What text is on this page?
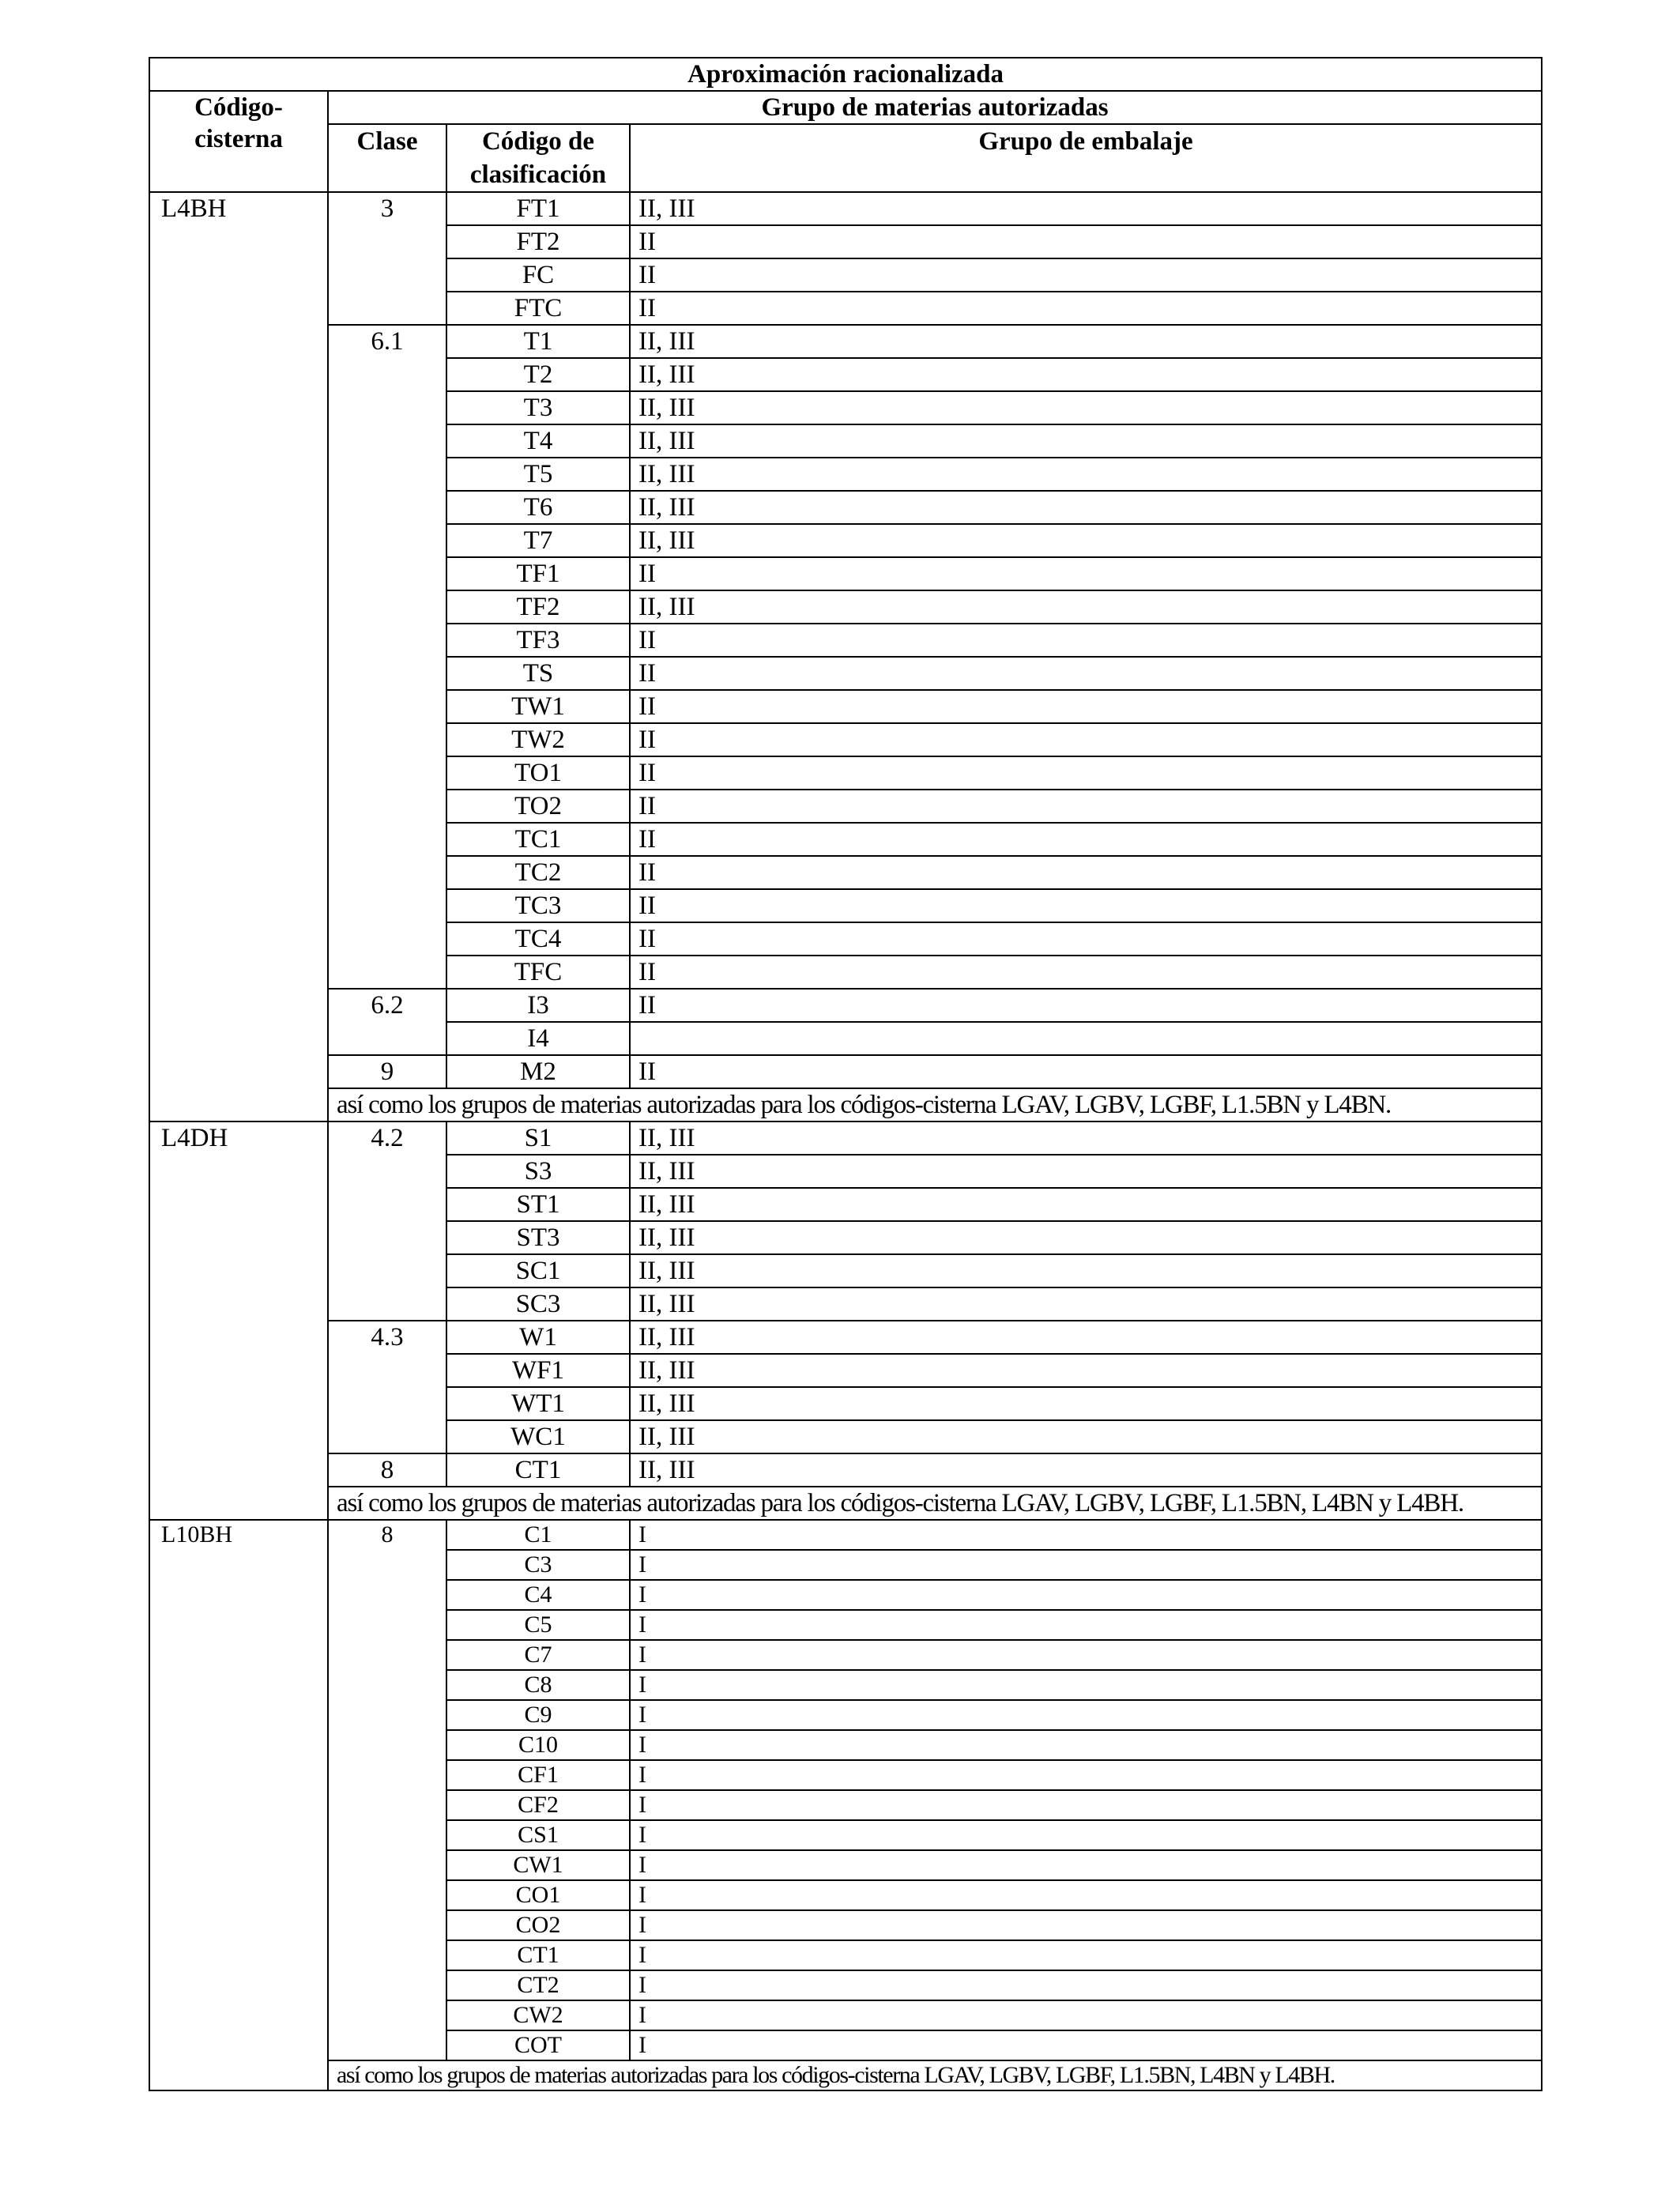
Aproximación racionalizada			
Código-cisterna	Grupo de materias autorizadas		
	Clase	Código de clasificación	Grupo de embalaje
L4BH	3	FT1	II, III
		FT2	II
		FC	II
		FTC	II
	6.1	T1	II, III
		T2	II, III
		T3	II, III
		T4	II, III
		T5	II, III
		T6	II, III
		T7	II, III
		TF1	II
		TF2	II, III
		TF3	II
		TS	II
		TW1	II
		TW2	II
		TO1	II
		TO2	II
		TC1	II
		TC2	II
		TC3	II
		TC4	II
		TFC	II
	6.2	I3	II
		I4	
	9	M2	II
	así como los grupos de materias autorizadas para los códigos-cisterna LGAV, LGBV, LGBF, L1.5BN y L4BN.		
L4DH	4.2	S1	II, III
		S3	II, III
		ST1	II, III
		ST3	II, III
		SC1	II, III
		SC3	II, III
	4.3	W1	II, III
		WF1	II, III
		WT1	II, III
		WC1	II, III
	8	CT1	II, III
	así como los grupos de materias autorizadas para los códigos-cisterna LGAV, LGBV, LGBF, L1.5BN, L4BN y L4BH.		
L10BH	8	C1	I
		C3	I
		C4	I
		C5	I
		C7	I
		C8	I
		C9	I
		C10	I
		CF1	I
		CF2	I
		CS1	I
		CW1	I
		CO1	I
		CO2	I
		CT1	I
		CT2	I
		CW2	I
		COT	I
	así como los grupos de materias autorizadas para los códigos-cisterna LGAV, LGBV, LGBF, L1.5BN, L4BN y L4BH.		
